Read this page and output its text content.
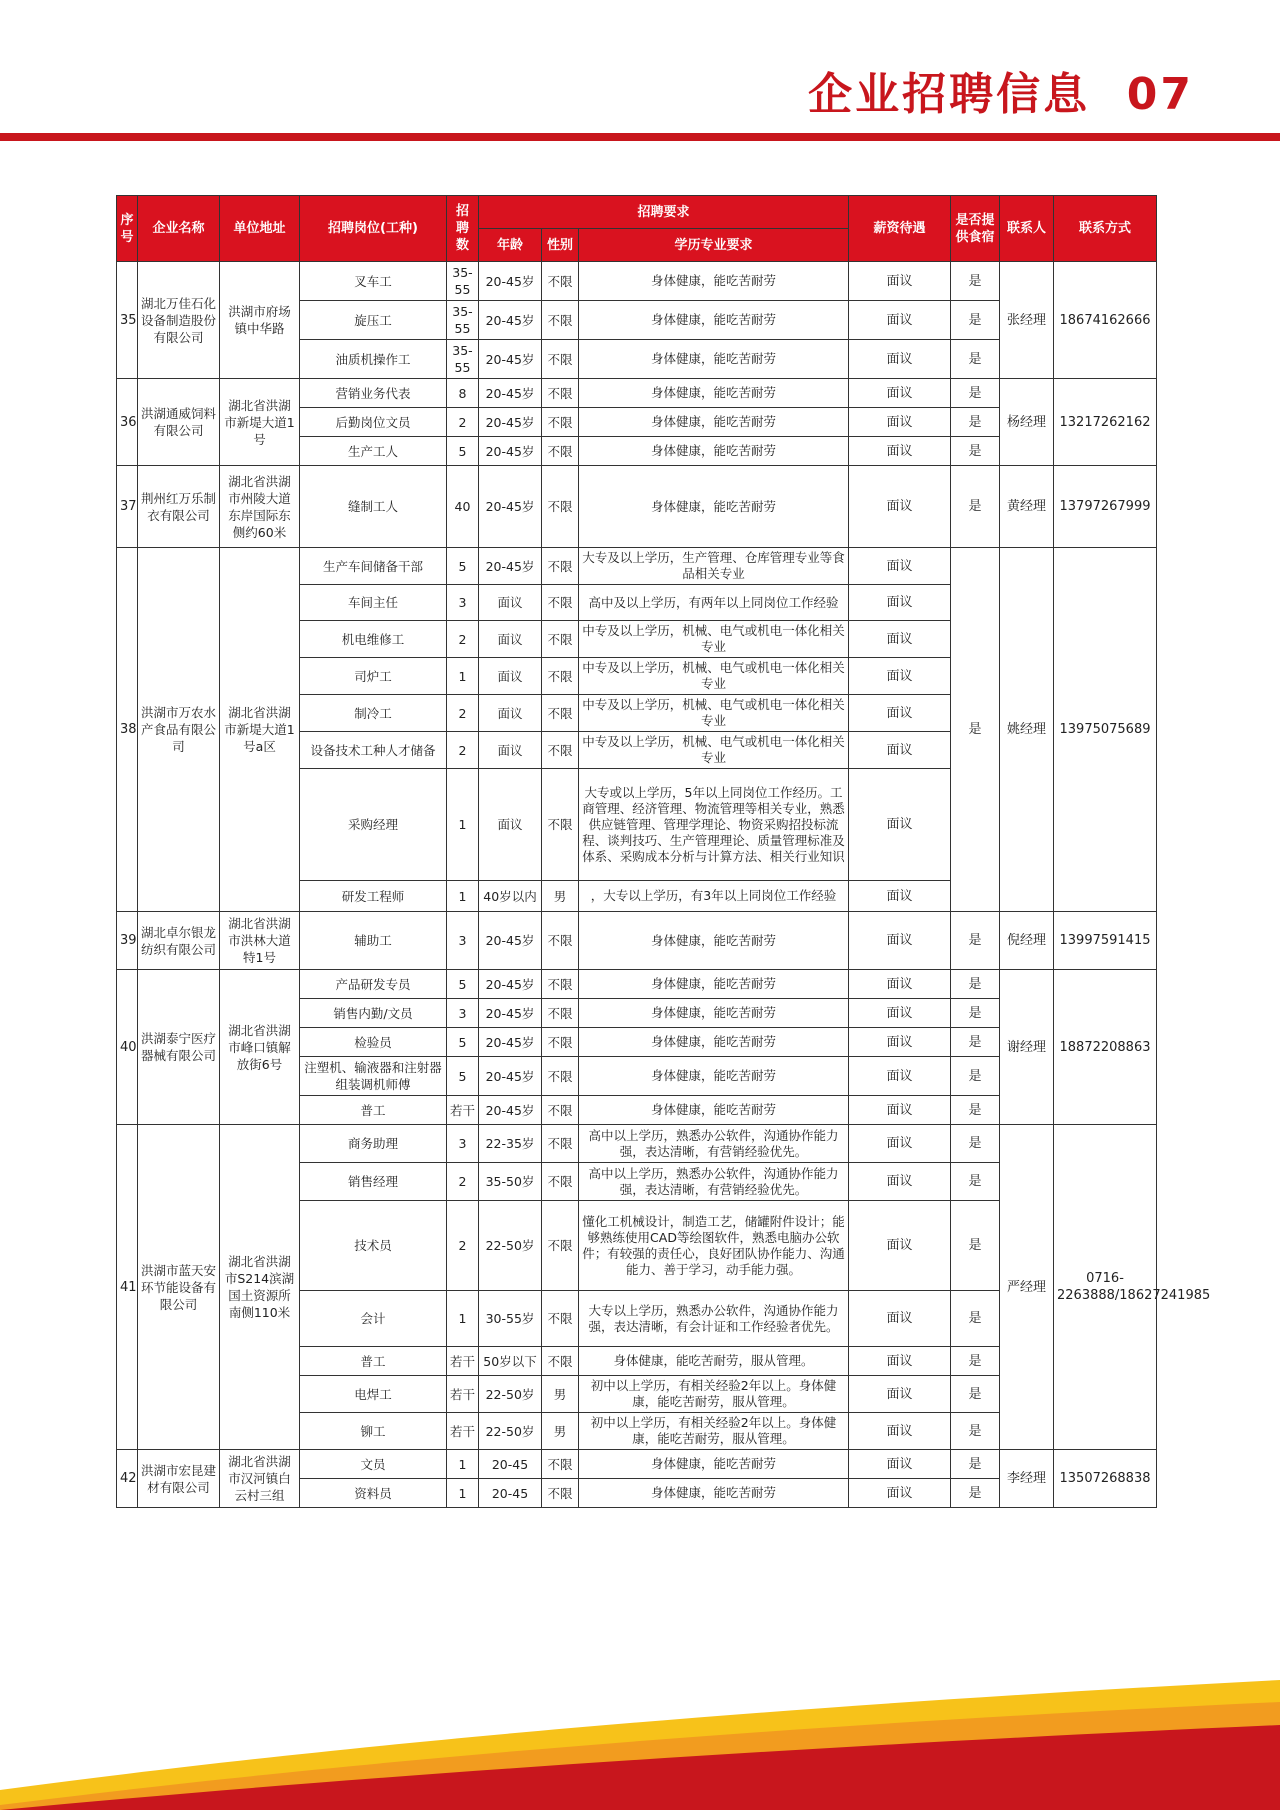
企业招聘信息 07
序号	企业名称	单位地址	招聘岗位(工种)	招聘数	招聘要求			薪资待遇	是否提供食宿	联系人	联系方式
					年龄	性别	学历专业要求				
35	湖北万佳石化设备制造股份有限公司	洪湖市府场镇中华路	叉车工	35-55	20-45岁	不限	身体健康，能吃苦耐劳	面议	是	张经理	18674162666
			旋压工	35-55	20-45岁	不限	身体健康，能吃苦耐劳	面议	是		
			油质机操作工	35-55	20-45岁	不限	身体健康，能吃苦耐劳	面议	是		
36	洪湖通威饲料有限公司	湖北省洪湖市新堤大道1号	营销业务代表	8	20-45岁	不限	身体健康，能吃苦耐劳	面议	是	杨经理	13217262162
			后勤岗位文员	2	20-45岁	不限	身体健康，能吃苦耐劳	面议	是		
			生产工人	5	20-45岁	不限	身体健康，能吃苦耐劳	面议	是		
37	荆州红万乐制衣有限公司	湖北省洪湖市州陵大道东岸国际东侧约60米	缝制工人	40	20-45岁	不限	身体健康，能吃苦耐劳	面议	是	黄经理	13797267999
38	洪湖市万农水产食品有限公司	湖北省洪湖市新堤大道1号a区	生产车间储备干部	5	20-45岁	不限	大专及以上学历，生产管理、仓库管理专业等食品相关专业	面议	是	姚经理	13975075689
			车间主任	3	面议	不限	高中及以上学历，有两年以上同岗位工作经验	面议			
			机电维修工	2	面议	不限	中专及以上学历，机械、电气或机电一体化相关专业	面议			
			司炉工	1	面议	不限	中专及以上学历，机械、电气或机电一体化相关专业	面议			
			制冷工	2	面议	不限	中专及以上学历，机械、电气或机电一体化相关专业	面议			
			设备技术工种人才储备	2	面议	不限	中专及以上学历，机械、电气或机电一体化相关专业	面议			
			采购经理	1	面议	不限	大专或以上学历，5年以上同岗位工作经历。工商管理、经济管理、物流管理等相关专业，熟悉供应链管理、管理学理论、物资采购招投标流程、谈判技巧、生产管理理论、质量管理标准及体系、采购成本分析与计算方法、相关行业知识	面议			
			研发工程师	1	40岁以内	男	，大专以上学历，有3年以上同岗位工作经验	面议			
39	湖北卓尔银龙纺织有限公司	湖北省洪湖市洪林大道特1号	辅助工	3	20-45岁	不限	身体健康，能吃苦耐劳	面议	是	倪经理	13997591415
40	洪湖泰宁医疗器械有限公司	湖北省洪湖市峰口镇解放街6号	产品研发专员	5	20-45岁	不限	身体健康，能吃苦耐劳	面议	是	谢经理	18872208863
			销售内勤/文员	3	20-45岁	不限	身体健康，能吃苦耐劳	面议	是		
			检验员	5	20-45岁	不限	身体健康，能吃苦耐劳	面议	是		
			注塑机、输液器和注射器组装调机师傅	5	20-45岁	不限	身体健康，能吃苦耐劳	面议	是		
			普工	若干	20-45岁	不限	身体健康，能吃苦耐劳	面议	是		
41	洪湖市蓝天安环节能设备有限公司	湖北省洪湖市S214滨湖国土资源所南侧110米	商务助理	3	22-35岁	不限	高中以上学历，熟悉办公软件，沟通协作能力强，表达清晰，有营销经验优先。	面议	是	严经理	0716-2263888/18627241985
			销售经理	2	35-50岁	不限	高中以上学历，熟悉办公软件，沟通协作能力强，表达清晰，有营销经验优先。	面议	是		
			技术员	2	22-50岁	不限	懂化工机械设计，制造工艺，储罐附件设计；能够熟练使用CAD等绘图软件，熟悉电脑办公软件；有较强的责任心，良好团队协作能力、沟通能力、善于学习，动手能力强。	面议	是		
			会计	1	30-55岁	不限	大专以上学历，熟悉办公软件，沟通协作能力强，表达清晰，有会计证和工作经验者优先。	面议	是		
			普工	若干	50岁以下	不限	身体健康，能吃苦耐劳，服从管理。	面议	是		
			电焊工	若干	22-50岁	男	初中以上学历，有相关经验2年以上。身体健康，能吃苦耐劳，服从管理。	面议	是		
			铆工	若干	22-50岁	男	初中以上学历，有相关经验2年以上。身体健康，能吃苦耐劳，服从管理。	面议	是		
42	洪湖市宏昆建材有限公司	湖北省洪湖市汉河镇白云村三组	文员	1	20-45	不限	身体健康，能吃苦耐劳	面议	是	李经理	13507268838
			资料员	1	20-45	不限	身体健康，能吃苦耐劳	面议	是		
